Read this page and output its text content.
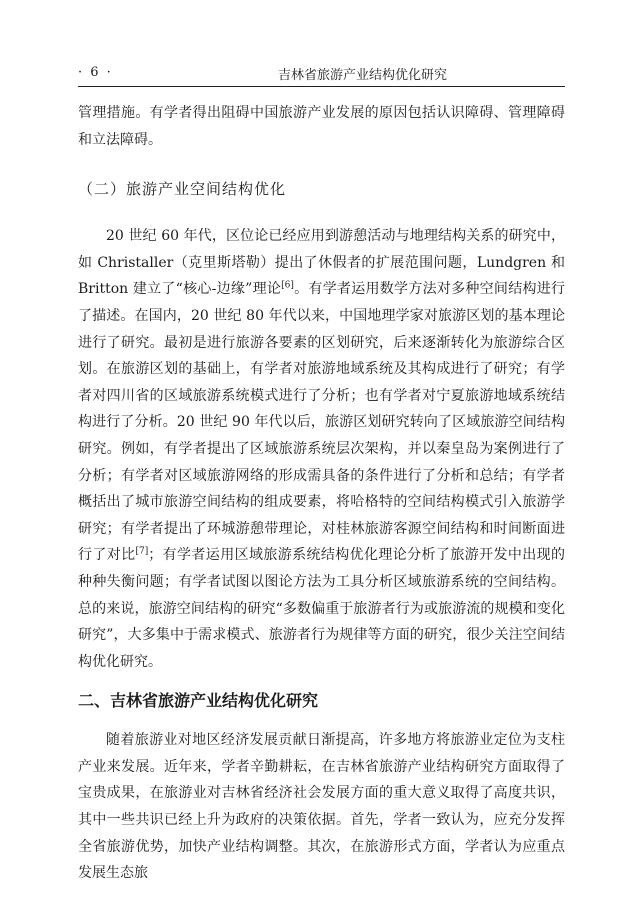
· 6 ·	吉林省旅游产业结构优化研究

管理措施。有学者得出阻碍中国旅游产业发展的原因包括认识障碍、管理障碍和立法障碍。

（二）旅游产业空间结构优化

20 世纪 60 年代，区位论已经应用到游憩活动与地理结构关系的研究中，如 Christaller（克里斯塔勒）提出了休假者的扩展范围问题，Lundgren 和 Britton 建立了“核心-边缘”理论[6]。有学者运用数学方法对多种空间结构进行了描述。在国内，20 世纪 80 年代以来，中国地理学家对旅游区划的基本理论进行了研究。最初是进行旅游各要素的区划研究，后来逐渐转化为旅游综合区划。在旅游区划的基础上，有学者对旅游地域系统及其构成进行了研究；有学者对四川省的区域旅游系统模式进行了分析；也有学者对宁夏旅游地域系统结构进行了分析。20 世纪 90 年代以后，旅游区划研究转向了区域旅游空间结构研究。例如，有学者提出了区域旅游系统层次架构，并以秦皇岛为案例进行了分析；有学者对区域旅游网络的形成需具备的条件进行了分析和总结；有学者概括出了城市旅游空间结构的组成要素，将哈格特的空间结构模式引入旅游学研究；有学者提出了环城游憩带理论，对桂林旅游客源空间结构和时间断面进行了对比[7]；有学者运用区域旅游系统结构优化理论分析了旅游开发中出现的种种失衡问题；有学者试图以图论方法为工具分析区域旅游系统的空间结构。总的来说，旅游空间结构的研究“多数偏重于旅游者行为或旅游流的规模和变化研究”，大多集中于需求模式、旅游者行为规律等方面的研究，很少关注空间结构优化研究。

二、吉林省旅游产业结构优化研究

随着旅游业对地区经济发展贡献日渐提高，许多地方将旅游业定位为支柱产业来发展。近年来，学者辛勤耕耘，在吉林省旅游产业结构研究方面取得了宝贵成果，在旅游业对吉林省经济社会发展方面的重大意义取得了高度共识，其中一些共识已经上升为政府的决策依据。首先，学者一致认为，应充分发挥全省旅游优势，加快产业结构调整。其次，在旅游形式方面，学者认为应重点发展生态旅
